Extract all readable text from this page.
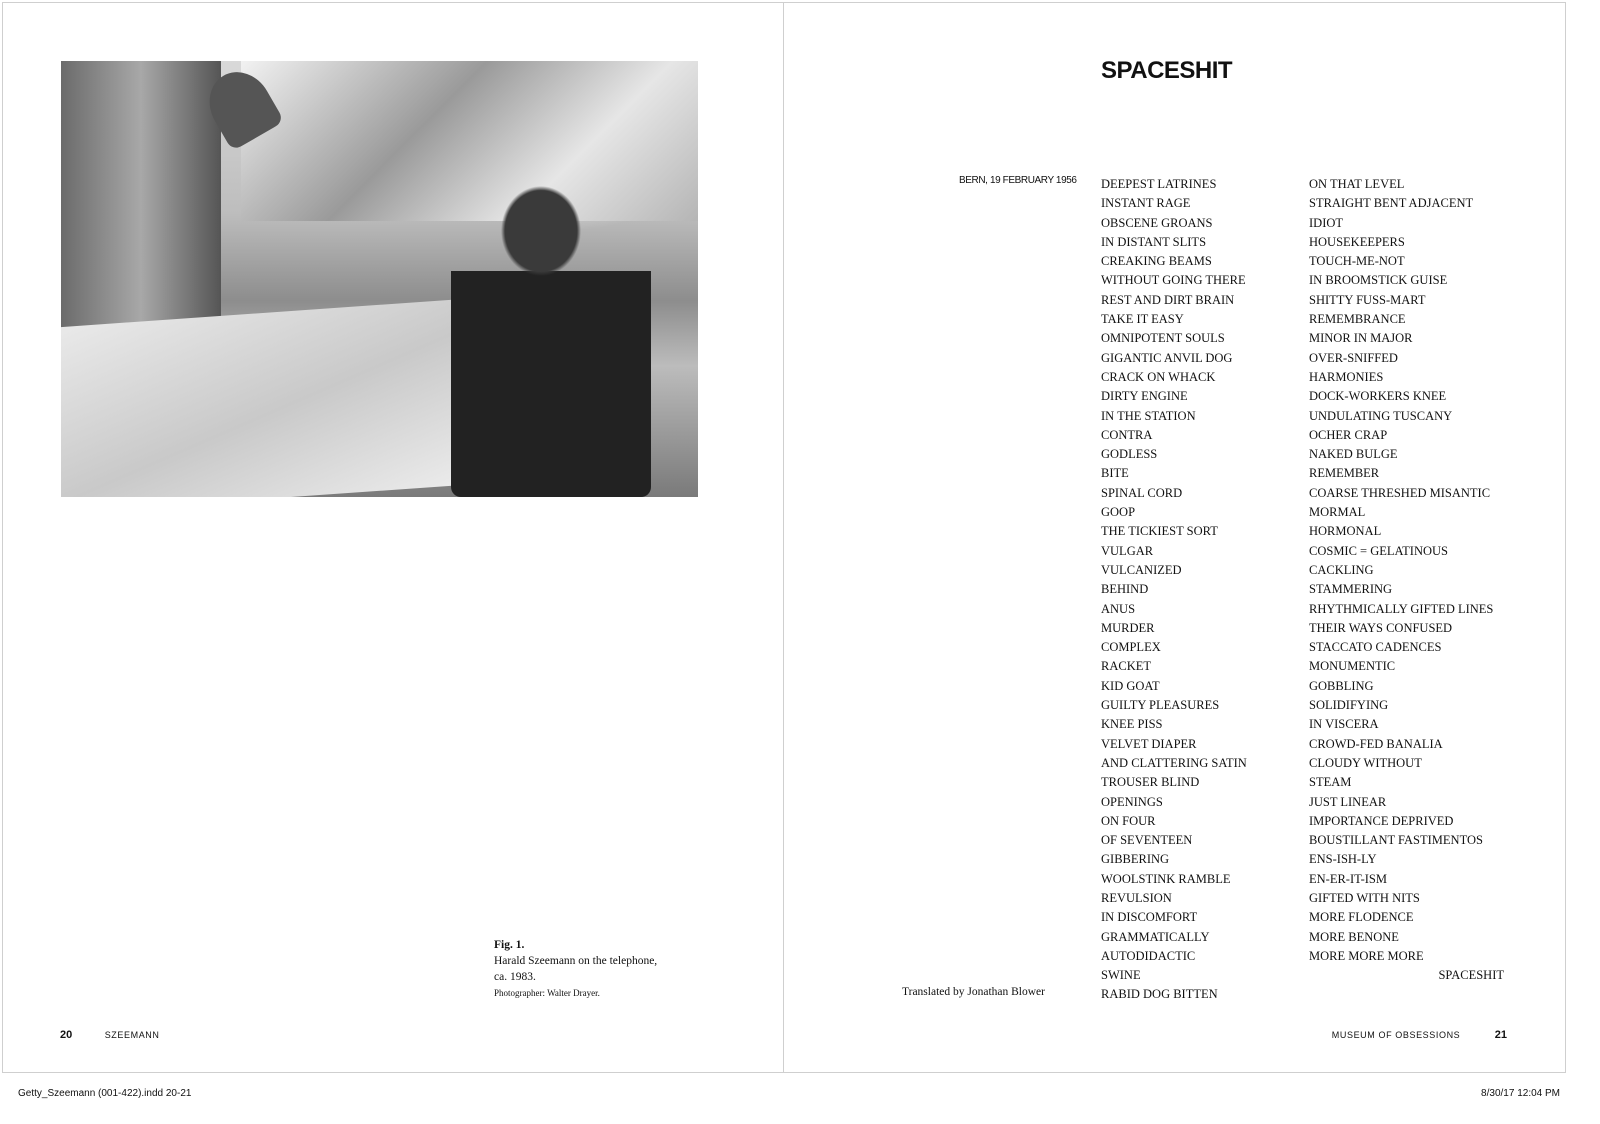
Fig. 1.
Harald Szeemann on the telephone,
ca. 1983.
Photographer: Walter Drayer.
20	SZEEMANN
SPACESHIT
BERN, 19 FEBRUARY 1956 DEEPEST LATRINES
INSTANT RAGE
OBSCENE GROANS
IN DISTANT SLITS
CREAKING BEAMS
WITHOUT GOING THERE
REST AND DIRT BRAIN
TAKE IT EASY
OMNIPOTENT SOULS
GIGANTIC ANVIL DOG
CRACK ON WHACK
DIRTY ENGINE
IN THE STATION
CONTRA
GODLESS
BITE
SPINAL CORD
GOOP
THE TICKIEST SORT
VULGAR
VULCANIZED
BEHIND
ANUS
MURDER
COMPLEX
RACKET
KID GOAT
GUILTY PLEASURES
KNEE PISS
VELVET DIAPER
AND CLATTERING SATIN
TROUSER BLIND
OPENINGS
ON FOUR
OF SEVENTEEN
GIBBERING
WOOLSTINK RAMBLE
REVULSION
IN DISCOMFORT
GRAMMATICALLY
AUTODIDACTIC
SWINE
RABID DOG BITTEN
ON THAT LEVEL
STRAIGHT BENT ADJACENT
IDIOT
HOUSEKEEPERS
TOUCH-ME-NOT
IN BROOMSTICK GUISE
SHITTY FUSS-MART
REMEMBRANCE
MINOR IN MAJOR
OVER-SNIFFED
HARMONIES
DOCK-WORKERS KNEE
UNDULATING TUSCANY
OCHER CRAP
NAKED BULGE
REMEMBER
COARSE THRESHED MISANTIC
MORMAL
HORMONAL
COSMIC = GELATINOUS
CACKLING
STAMMERING
RHYTHMICALLY GIFTED LINES
THEIR WAYS CONFUSED
STACCATO CADENCES
MONUMENTIC
GOBBLING
SOLIDIFYING
IN VISCERA
CROWD-FED BANALIA
CLOUDY WITHOUT
STEAM
JUST LINEAR
IMPORTANCE DEPRIVED
BOUSTILLANT FASTIMENTOS
ENS-ISH-LY
EN-ER-IT-ISM
GIFTED WITH NITS
MORE FLODENCE
MORE BENONE
MORE MORE MORE
SPACESHIT
Translated by Jonathan Blower
MUSEUM OF OBSESSIONS	21
Getty_Szeemann (001-422).indd 20-21	8/30/17 12:04 PM
